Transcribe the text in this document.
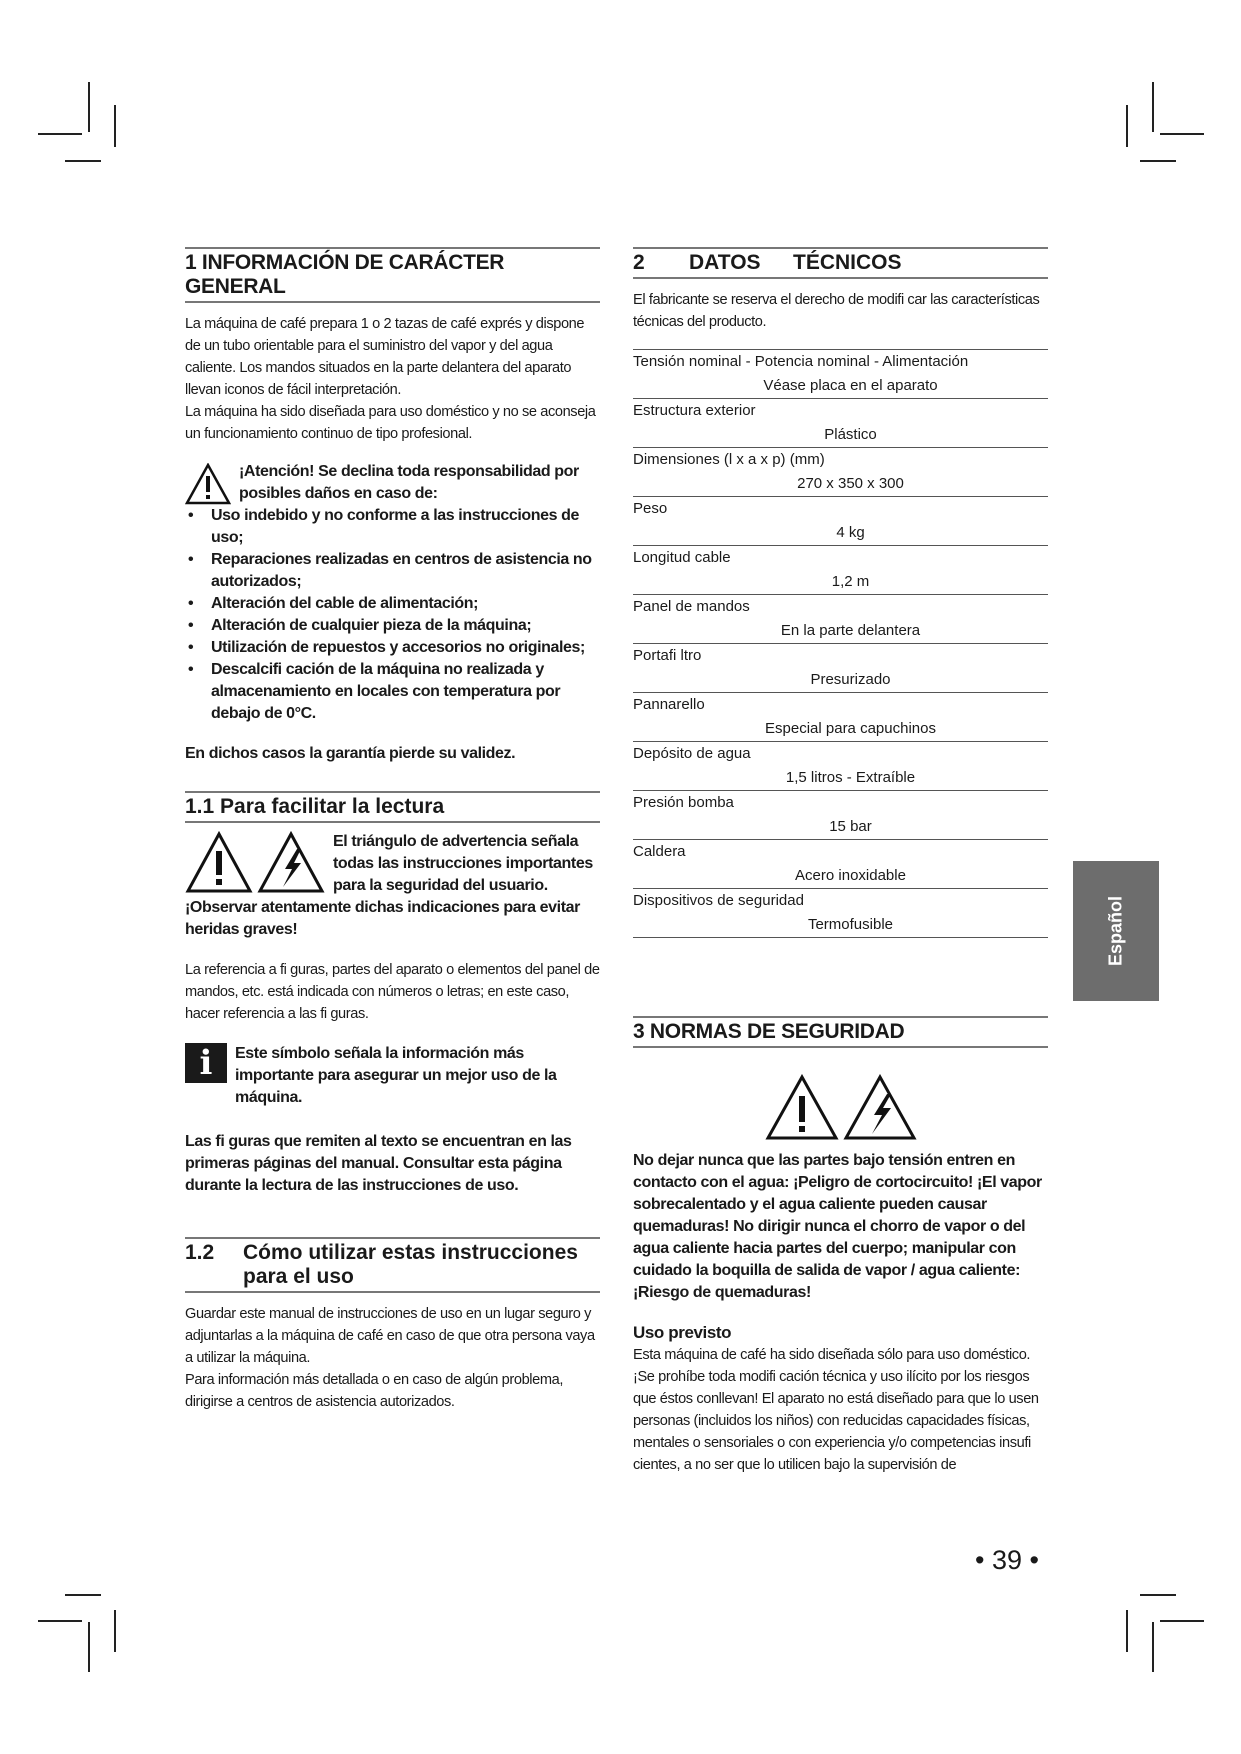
1 INFORMACIÓN DE CARÁCTER GENERAL

La máquina de café prepara 1 o 2 tazas de café exprés y dispone de un tubo orientable para el suministro del vapor y del agua caliente. Los mandos situados en la parte delantera del aparato llevan iconos de fácil interpretación.

La máquina ha sido diseñada para uso doméstico y no se aconseja un funcionamiento continuo de tipo profesional.

¡Atención! Se declina toda responsabilidad por posibles daños en caso de:

• Uso indebido y no conforme a las instrucciones de uso;

• Reparaciones realizadas en centros de asistencia no autorizados;

• Alteración del cable de alimentación;

• Alteración de cualquier pieza de la máquina;

• Utilización de repuestos y accesorios no originales;

• Descalcifi cación de la máquina no realizada y almacenamiento en locales con temperatura por debajo de 0°C.

En dichos casos la garantía pierde su validez.

1.1 Para facilitar la lectura

El triángulo de advertencia señala todas las instrucciones importantes para la seguridad del usuario.

¡Observar atentamente dichas indicaciones para evitar heridas graves!

La referencia a fi guras, partes del aparato o elementos del panel de mandos, etc. está indicada con números o letras; en este caso, hacer referencia a las fi guras.

i	Este símbolo señala la información más importante para asegurar un mejor uso de la máquina.

Las fi guras que remiten al texto se encuentran en las primeras páginas del manual. Consultar esta página durante la lectura de las instrucciones de uso.

1.2	Cómo utilizar estas instrucciones para el uso

Guardar este manual de instrucciones de uso en un lugar seguro y adjuntarlas a la máquina de café en caso de que otra persona vaya a utilizar la máquina.

Para información más detallada o en caso de algún problema, dirigirse a centros de asistencia autorizados.

2	DATOS	TÉCNICOS

El fabricante se reserva el derecho de modifi car las características técnicas del producto.

Tensión nominal - Potencia nominal - Alimentación
Véase placa en el aparato
Estructura exterior
Plástico
Dimensiones (l x a x p) (mm)
270 x 350 x 300
Peso
4 kg
Longitud cable
1,2 m
Panel de mandos
En la parte delantera
Portafi ltro
Presurizado
Pannarello
Especial para capuchinos
Depósito de agua
1,5 litros - Extraíble
Presión bomba
15 bar
Caldera
Acero inoxidable
Dispositivos de seguridad
Termofusible
3 NORMAS DE SEGURIDAD

No dejar nunca que las partes bajo tensión entren en contacto con el agua: ¡Peligro de cortocircuito! ¡El vapor sobrecalentado y el agua caliente pueden causar quemaduras! No dirigir nunca el chorro de vapor o del agua caliente hacia partes del cuerpo; manipular con cuidado la boquilla de salida de vapor / agua caliente: ¡Riesgo de quemaduras!

Uso previsto

Esta máquina de café ha sido diseñada sólo para uso doméstico.

¡Se prohíbe toda modifi cación técnica y uso ilícito por los riesgos que éstos conllevan! El aparato no está diseñado para que lo usen personas (incluidos los niños) con reducidas capacidades físicas, mentales o sensoriales o con experiencia y/o competencias insufi cientes, a no ser que lo utilicen bajo la supervisión de

Español
• 39 •
